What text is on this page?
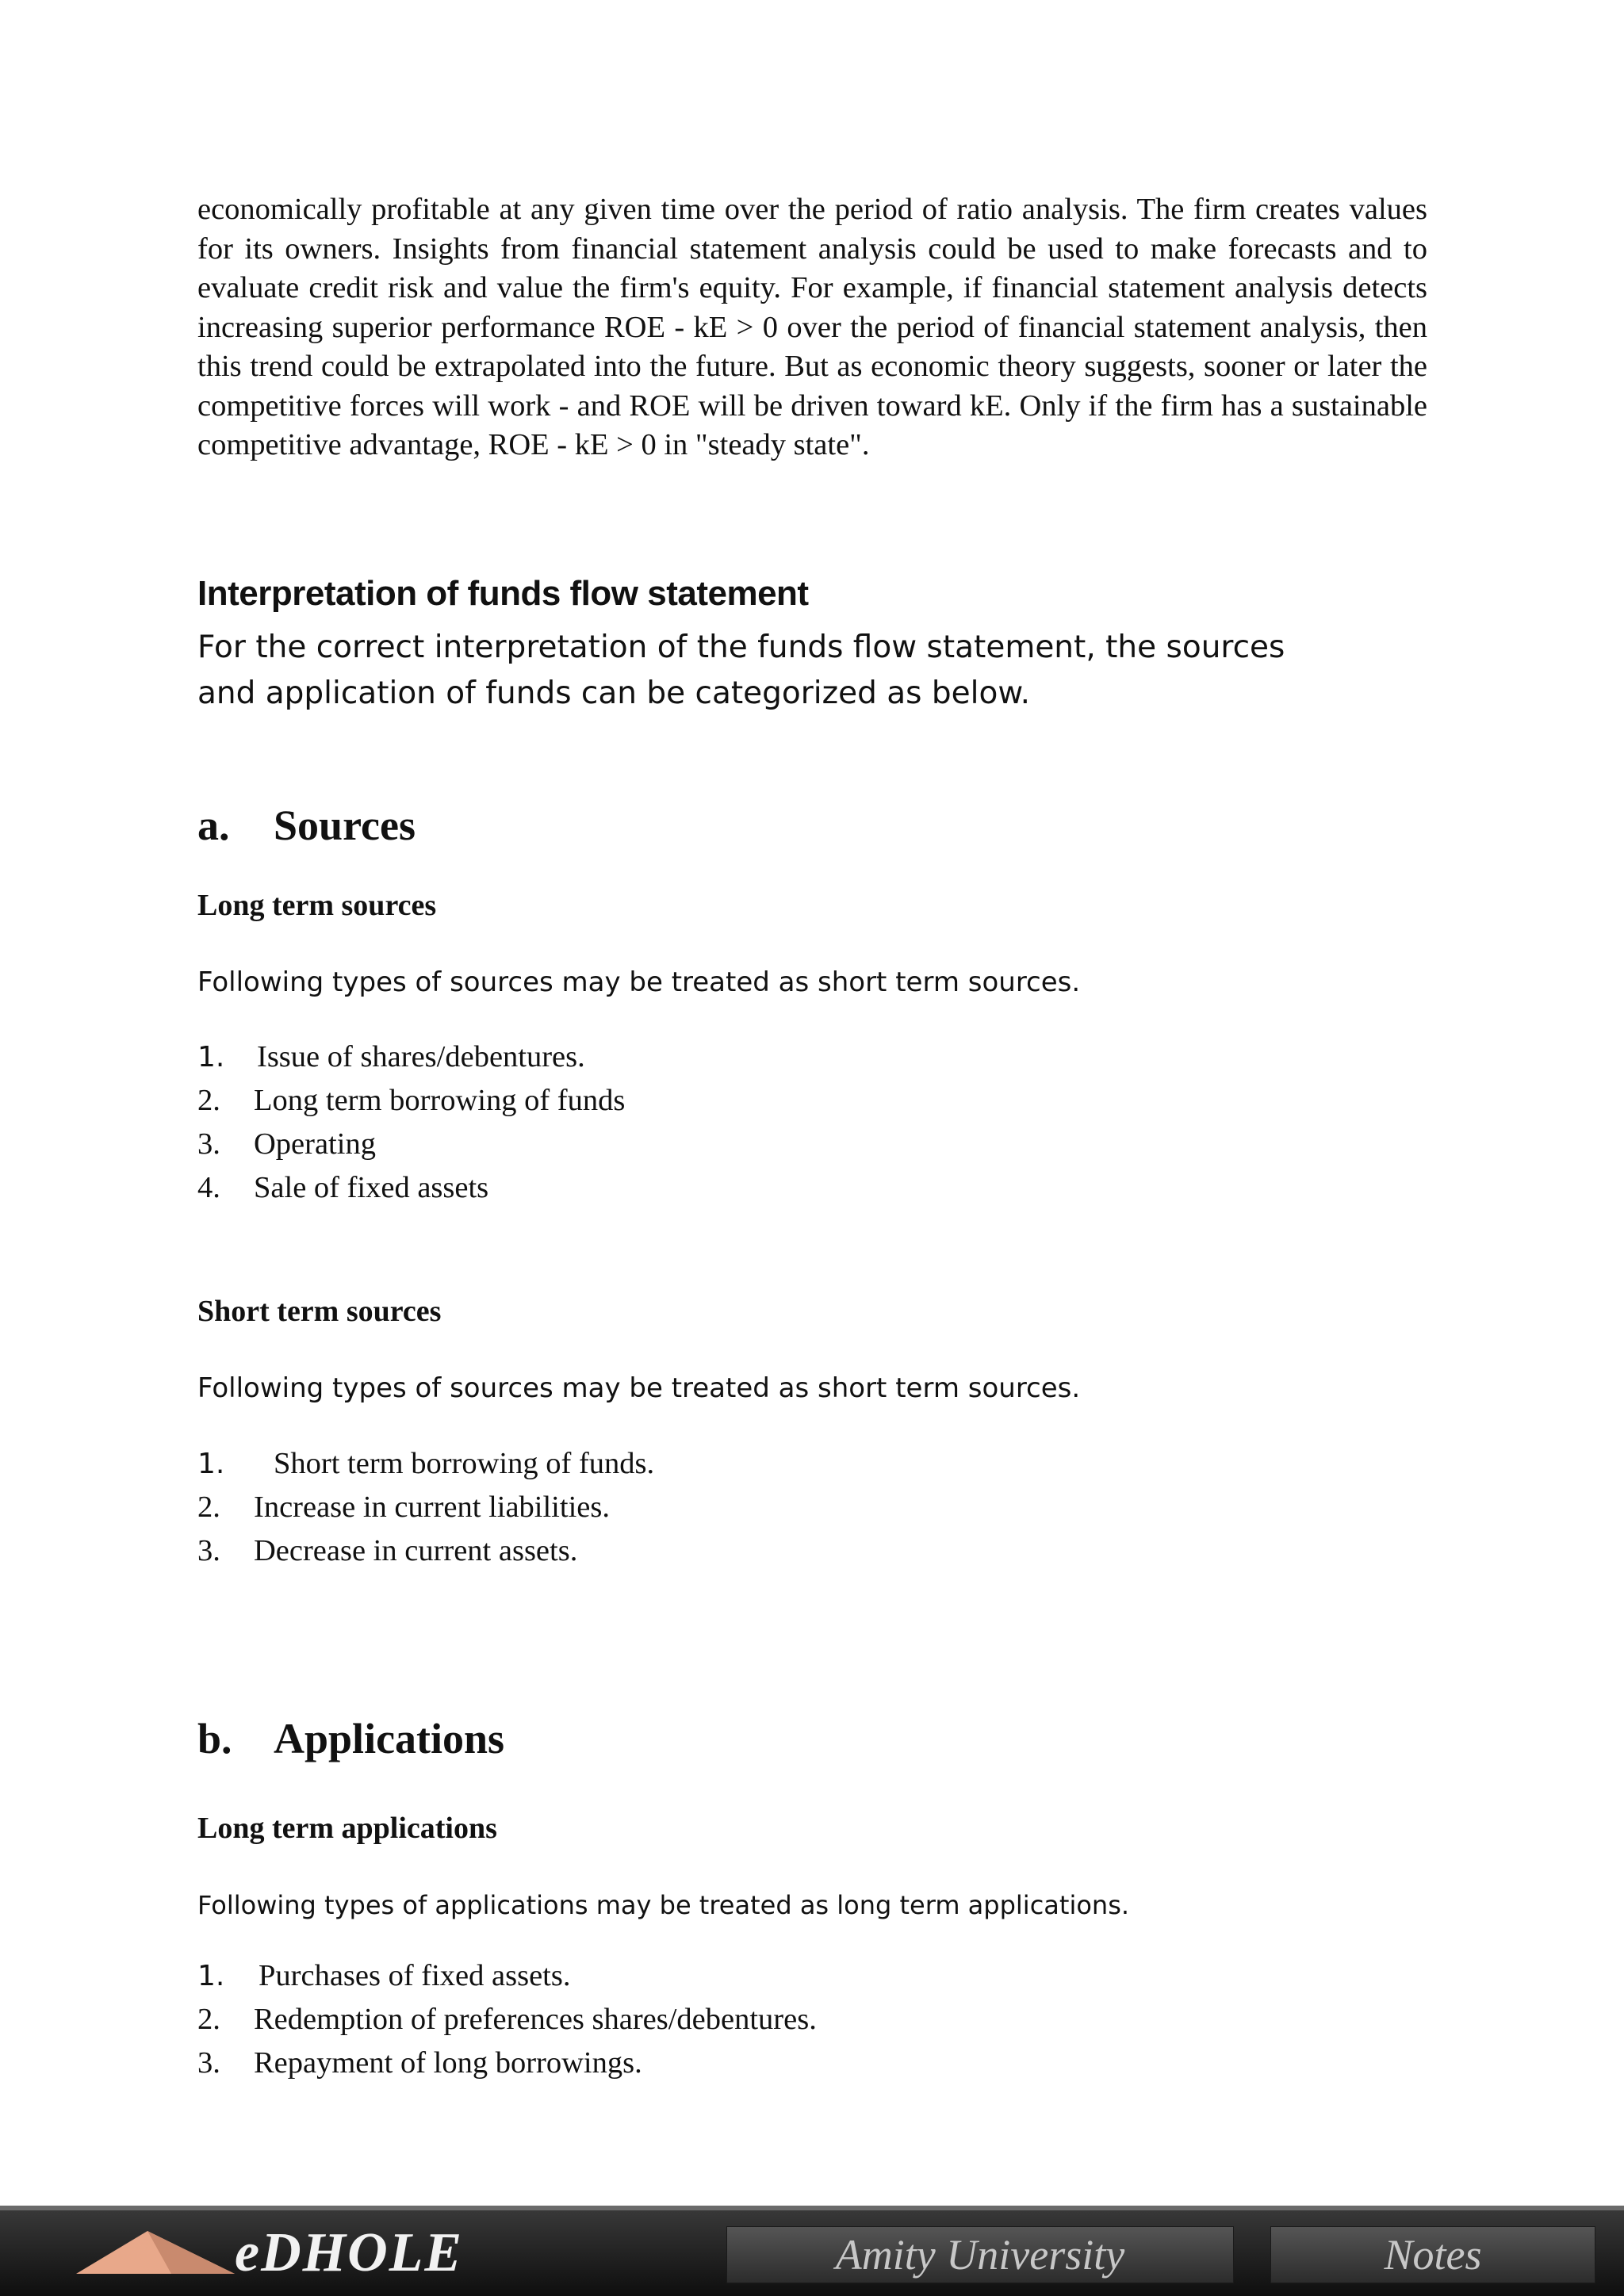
economically profitable at any given time over the period of ratio analysis. The firm creates values for its owners. Insights from financial statement analysis could be used to make forecasts and to evaluate credit risk and value the firm's equity. For example, if financial statement analysis detects increasing superior performance ROE - kE > 0 over the period of financial statement analysis, then this trend could be extrapolated into the future. But as economic theory suggests, sooner or later the competitive forces will work - and ROE will be driven toward kE. Only if the firm has a sustainable competitive advantage, ROE - kE > 0 in "steady state".

Interpretation of funds flow statement
For the correct interpretation of the funds flow statement, the sources
and application of funds can be categorized as below.
a. Sources
Long term sources

Following types of sources may be treated as short term sources.

1.	Issue of shares/debentures.
2.	Long term borrowing of funds
3.	Operating
4.	Sale of fixed assets
Short term sources

Following types of sources may be treated as short term sources.

1.	Short term borrowing of funds.
2.	Increase in current liabilities.
3.	Decrease in current assets.
b. Applications
Long term applications

Following types of applications may be treated as long term applications.

1.	Purchases of fixed assets.
2.	Redemption of preferences shares/debentures.
3.	Repayment of long borrowings.
eDHOLE	Amity University	Notes
